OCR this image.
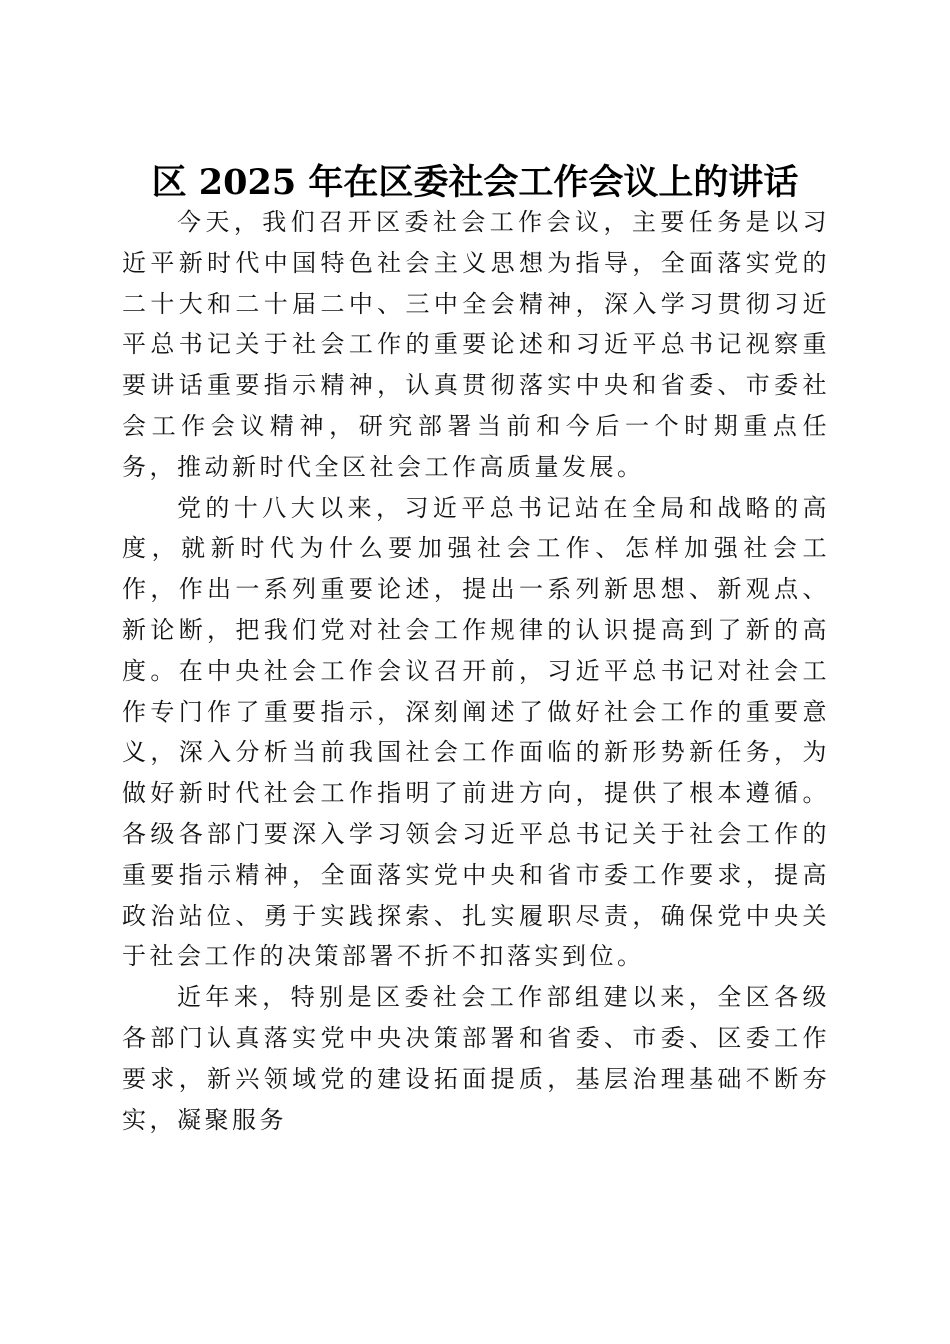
区 2025 年在区委社会工作会议上的讲话

今天，我们召开区委社会工作会议，主要任务是以习近平新时代中国特色社会主义思想为指导，全面落实党的二十大和二十届二中、三中全会精神，深入学习贯彻习近平总书记关于社会工作的重要论述和习近平总书记视察重要讲话重要指示精神，认真贯彻落实中央和省委、市委社会工作会议精神，研究部署当前和今后一个时期重点任务，推动新时代全区社会工作高质量发展。

党的十八大以来，习近平总书记站在全局和战略的高度，就新时代为什么要加强社会工作、怎样加强社会工作，作出一系列重要论述，提出一系列新思想、新观点、新论断，把我们党对社会工作规律的认识提高到了新的高度。在中央社会工作会议召开前，习近平总书记对社会工作专门作了重要指示，深刻阐述了做好社会工作的重要意义，深入分析当前我国社会工作面临的新形势新任务，为做好新时代社会工作指明了前进方向，提供了根本遵循。各级各部门要深入学习领会习近平总书记关于社会工作的重要指示精神，全面落实党中央和省市委工作要求，提高政治站位、勇于实践探索、扎实履职尽责，确保党中央关于社会工作的决策部署不折不扣落实到位。

近年来，特别是区委社会工作部组建以来，全区各级各部门认真落实党中央决策部署和省委、市委、区委工作要求，新兴领域党的建设拓面提质，基层治理基础不断夯实，凝聚服务
